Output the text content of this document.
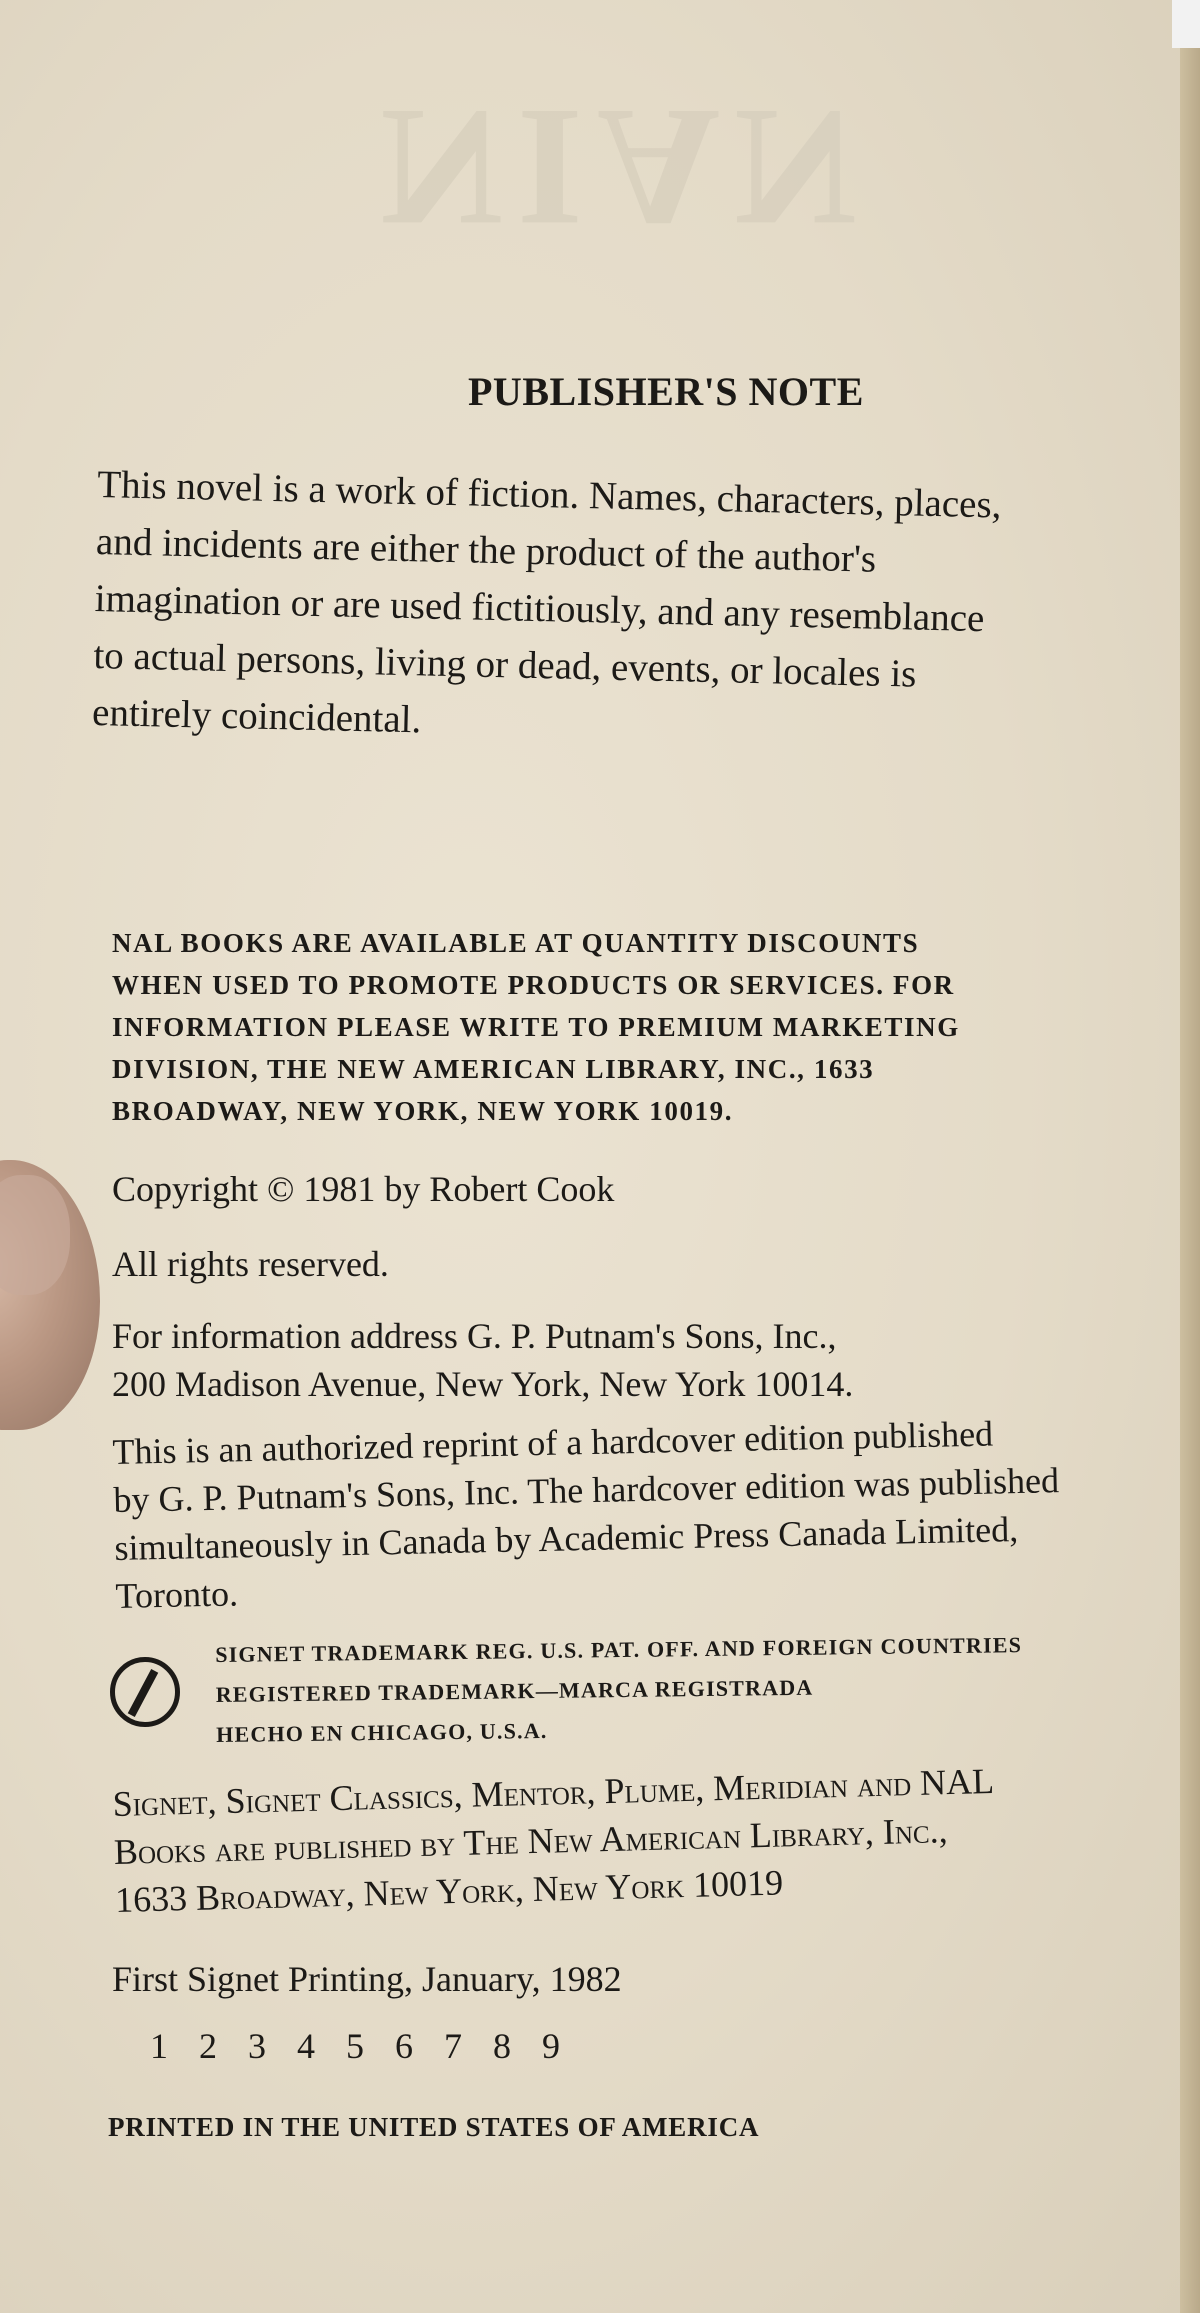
NIAN
PUBLISHER'S NOTE
This novel is a work of fiction. Names, characters, places,
and incidents are either the product of the author's
imagination or are used fictitiously, and any resemblance
to actual persons, living or dead, events, or locales is
entirely coincidental.
NAL BOOKS ARE AVAILABLE AT QUANTITY DISCOUNTS
WHEN USED TO PROMOTE PRODUCTS OR SERVICES. FOR
INFORMATION PLEASE WRITE TO PREMIUM MARKETING
DIVISION, THE NEW AMERICAN LIBRARY, INC., 1633
BROADWAY, NEW YORK, NEW YORK 10019.
Copyright © 1981 by Robert Cook
All rights reserved.
For information address G. P. Putnam's Sons, Inc.,
200 Madison Avenue, New York, New York 10014.
This is an authorized reprint of a hardcover edition published
by G. P. Putnam's Sons, Inc. The hardcover edition was published
simultaneously in Canada by Academic Press Canada Limited,
Toronto.
SIGNET TRADEMARK REG. U.S. PAT. OFF. AND FOREIGN COUNTRIES
REGISTERED TRADEMARK—MARCA REGISTRADA
HECHO EN CHICAGO, U.S.A.
Signet, Signet Classics, Mentor, Plume, Meridian and NAL
Books are published by The New American Library, Inc.,
1633 Broadway, New York, New York 10019
First Signet Printing, January, 1982
1 2 3 4 5 6 7 8 9
PRINTED IN THE UNITED STATES OF AMERICA
